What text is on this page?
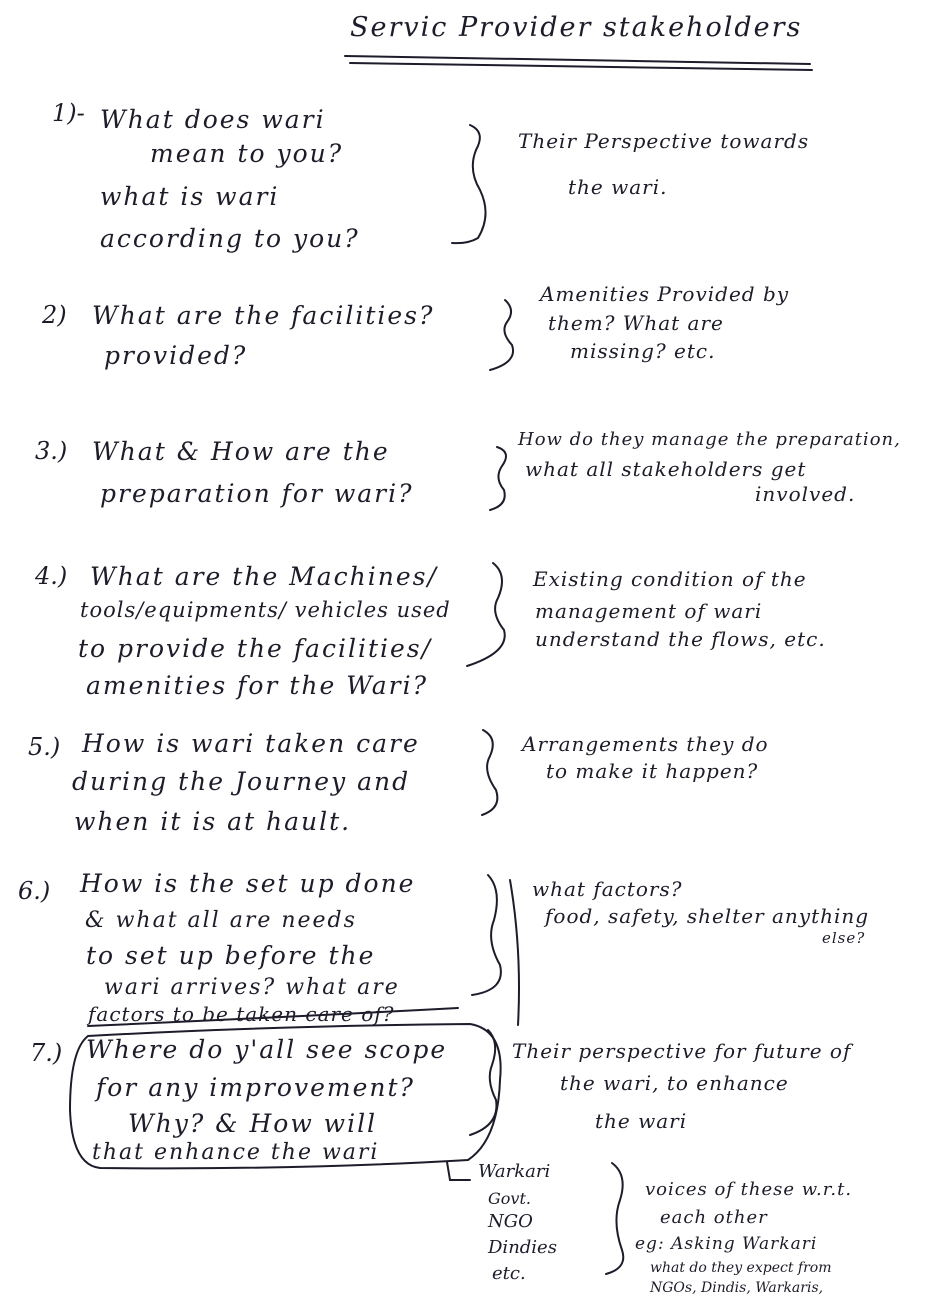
Servic Provider stakeholders
1)- What does wari
mean to you?
what is wari
according to you?
Their Perspective towards
the wari.
2) What are the facilities?
provided?
Amenities Provided by
them? What are
missing? etc.
3.) What & How are the
preparation for wari?
How do they manage the preparation,
what all stakeholders get
involved.
4.) What are the Machines/
tools/equipments/ vehicles used
to provide the facilities/
amenities for the Wari?
Existing condition of the
management of wari
understand the flows, etc.
5.) How is wari taken care
during the Journey and
when it is at hault.
Arrangements they do
to make it happen?
6.) How is the set up done
& what all are needs
to set up before the
wari arrives? what are
factors to be taken care of?
what factors?
food, safety, shelter anything
else?
7.) Where do y'all see scope
for any improvement?
Why? & How will
that enhance the wari
Their perspective for future of
the wari, to enhance
the wari
Warkari
Govt.
NGO
Dindies
etc.
voices of these w.r.t.
each other
eg: Asking Warkari
what do they expect from
NGOs, Dindis, Warkaris,
